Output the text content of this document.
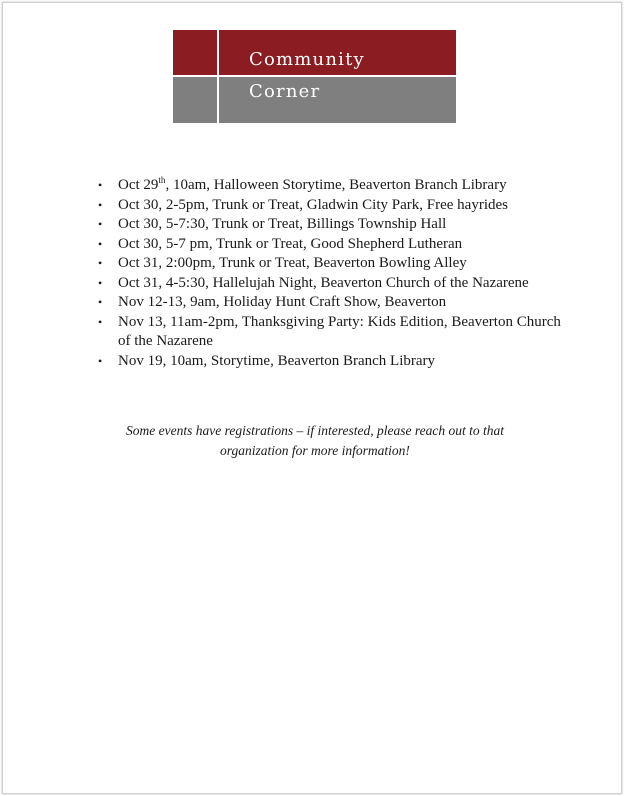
Community
Corner
• Oct 29th, 10am, Halloween Storytime, Beaverton Branch Library
• Oct 30, 2-5pm, Trunk or Treat, Gladwin City Park, Free hayrides
• Oct 30, 5-7:30, Trunk or Treat, Billings Township Hall
• Oct 30, 5-7 pm, Trunk or Treat, Good Shepherd Lutheran
• Oct 31, 2:00pm, Trunk or Treat, Beaverton Bowling Alley
• Oct 31, 4-5:30, Hallelujah Night, Beaverton Church of the Nazarene
• Nov 12-13, 9am, Holiday Hunt Craft Show, Beaverton
• Nov 13, 11am-2pm, Thanksgiving Party: Kids Edition, Beaverton Church of the Nazarene
• Nov 19, 10am, Storytime, Beaverton Branch Library
Some events have registrations – if interested, please reach out to that
organization for more information!
